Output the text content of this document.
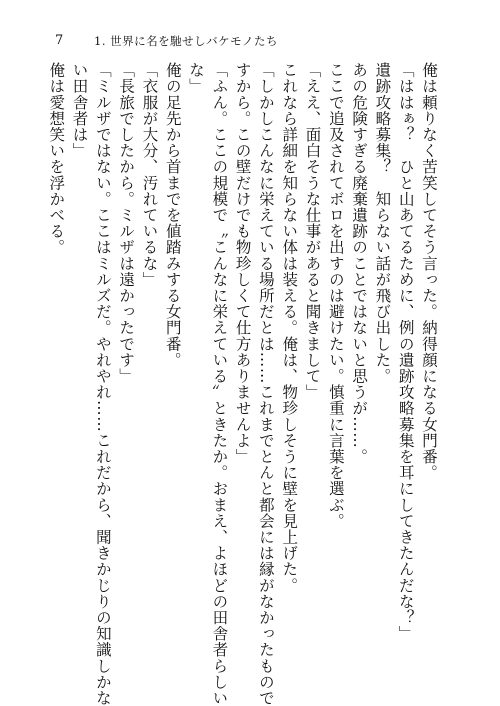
7	1. 世界に名を馳せしバケモノたち
俺は頼りなく苦笑してそう言った。納得顔になる女門番。
「ははぁ？　ひと山あてるために、例の遺跡攻略募集を耳にしてきたんだな？」
遺跡攻略募集？　知らない話が飛び出した。
あの危険すぎる廃棄遺跡のことではないと思うが……。
ここで追及されてボロを出すのは避けたい。慎重に言葉を選ぶ。
「ええ、面白そうな仕事があると聞きまして」
これなら詳細を知らない体は装える。俺は、物珍しそうに壁を見上げた。
「しかしこんなに栄えている場所だとは……これまでとんと都会には縁がなかったもので
すから。この壁だけでも物珍しくて仕方ありませんよ」
「ふん。ここの規模で〝こんなに栄えている〟ときたか。おまえ、よほどの田舎者らしい
な」
俺の足先から首までを値踏みする女門番。
「衣服が大分、汚れているな」
「長旅でしたから。ミルザは遠かったです」
「ミルザではない。ここはミルズだ。やれやれ……これだから、聞きかじりの知識しかな
い田舎者は」
俺は愛想笑いを浮かべる。
